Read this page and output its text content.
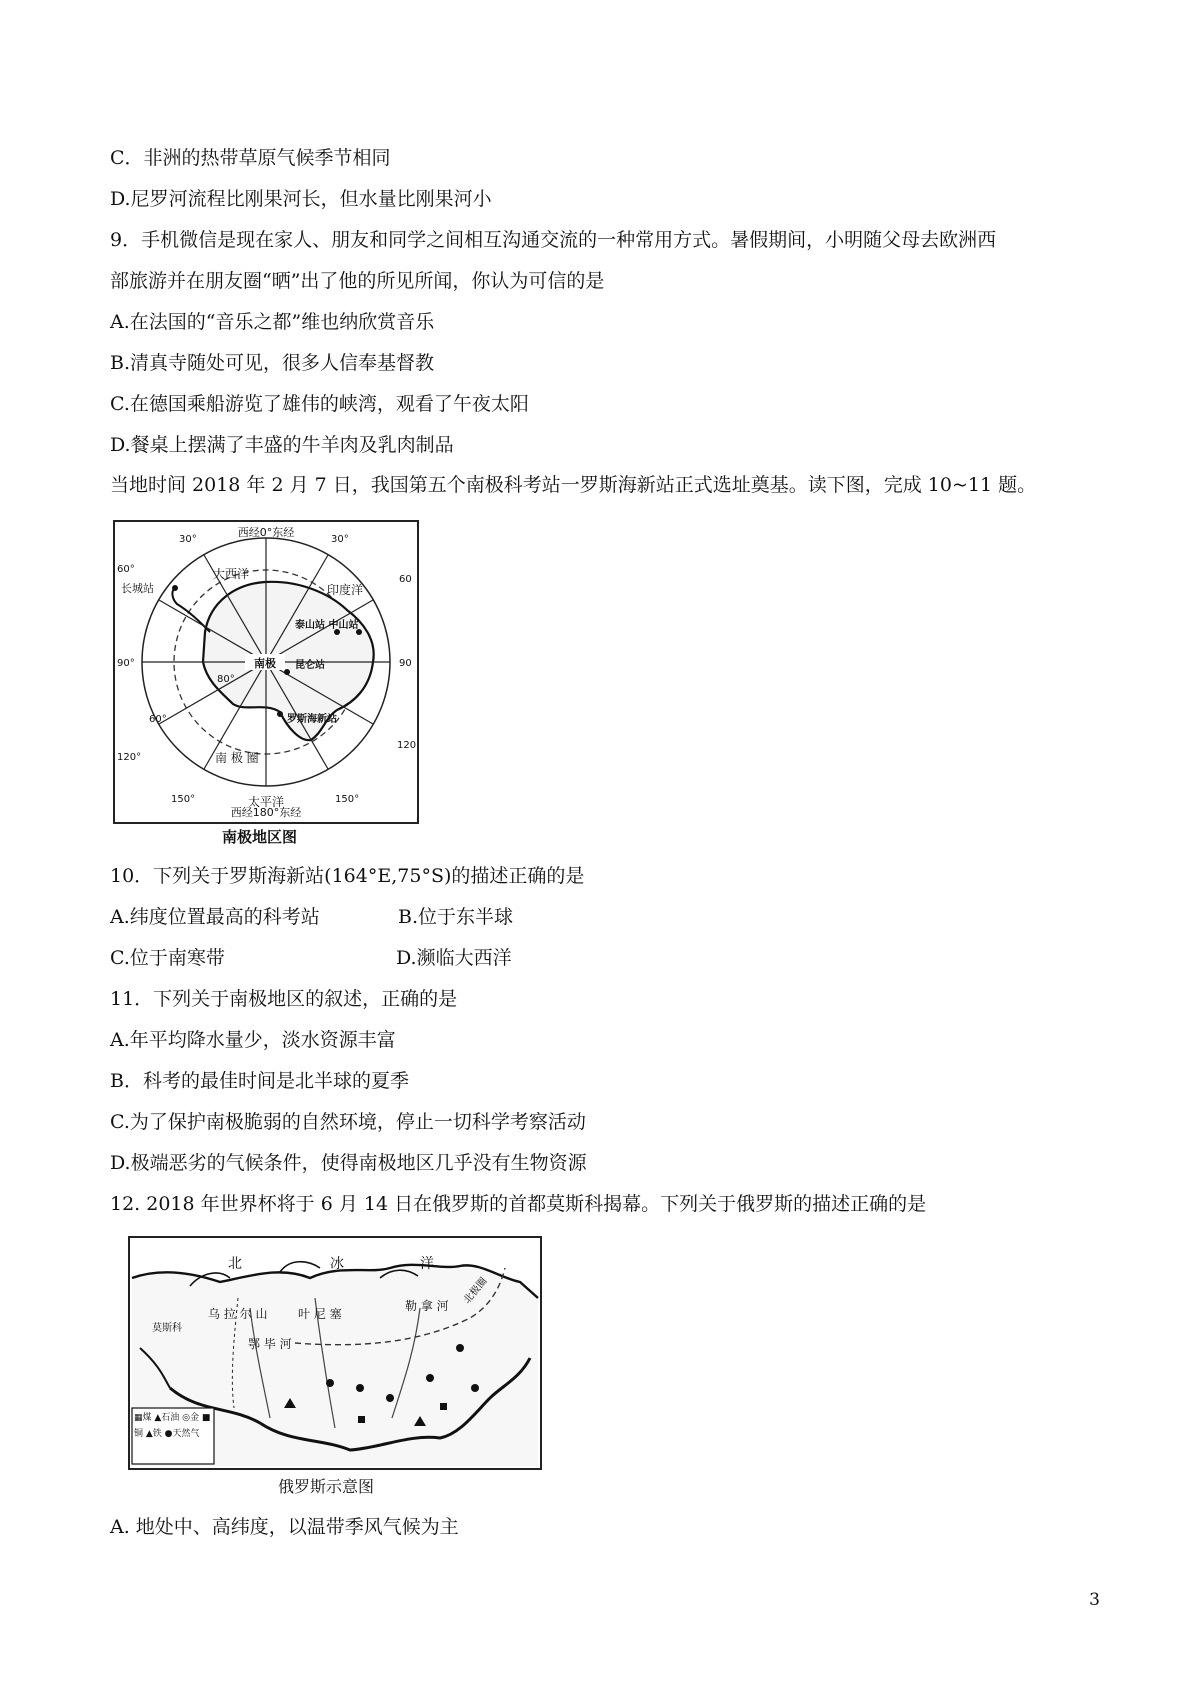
C．非洲的热带草原气候季节相同
D.尼罗河流程比刚果河长，但水量比刚果河小
9．手机微信是现在家人、朋友和同学之间相互沟通交流的一种常用方式。暑假期间，小明随父母去欧洲西
部旅游并在朋友圈“晒”出了他的所见所闻，你认为可信的是
A.在法国的“音乐之都”维也纳欣赏音乐
B.清真寺随处可见，很多人信奉基督教
C.在德国乘船游览了雄伟的峡湾，观看了午夜太阳
D.餐桌上摆满了丰盛的牛羊肉及乳肉制品
当地时间 2018 年 2 月 7 日，我国第五个南极科考站一罗斯海新站正式选址奠基。读下图，完成 10~11 题。
西经0°东经
西经180°东经
南极
大西洋
印度洋
太平洋
长城站
泰山站 中山站
昆仑站
罗斯海新站
南 极 圈
30°	30°
60°
60
90°	90
120°
120
150°	150°
80°
60°
南极地区图
10．下列关于罗斯海新站(164°E,75°S)的描述正确的是
A.纬度位置最高的科考站	B.位于东半球
C.位于南寒带	D.濒临大西洋
11．下列关于南极地区的叙述，正确的是
A.年平均降水量少，淡水资源丰富
B．科考的最佳时间是北半球的夏季
C.为了保护南极脆弱的自然环境，停止一切科学考察活动
D.极端恶劣的气候条件，使得南极地区几乎没有生物资源
12. 2018 年世界杯将于 6 月 14 日在俄罗斯的首都莫斯科揭幕。下列关于俄罗斯的描述正确的是
北	冰	洋
北极圈
莫斯科
乌 拉 尔 山	叶 尼 塞
勒 拿 河
鄂 毕 河
▦煤 ▲石油 ◎金 ■铜 ▲铁 ●天然气
俄罗斯示意图
A. 地处中、高纬度，以温带季风气候为主
3
